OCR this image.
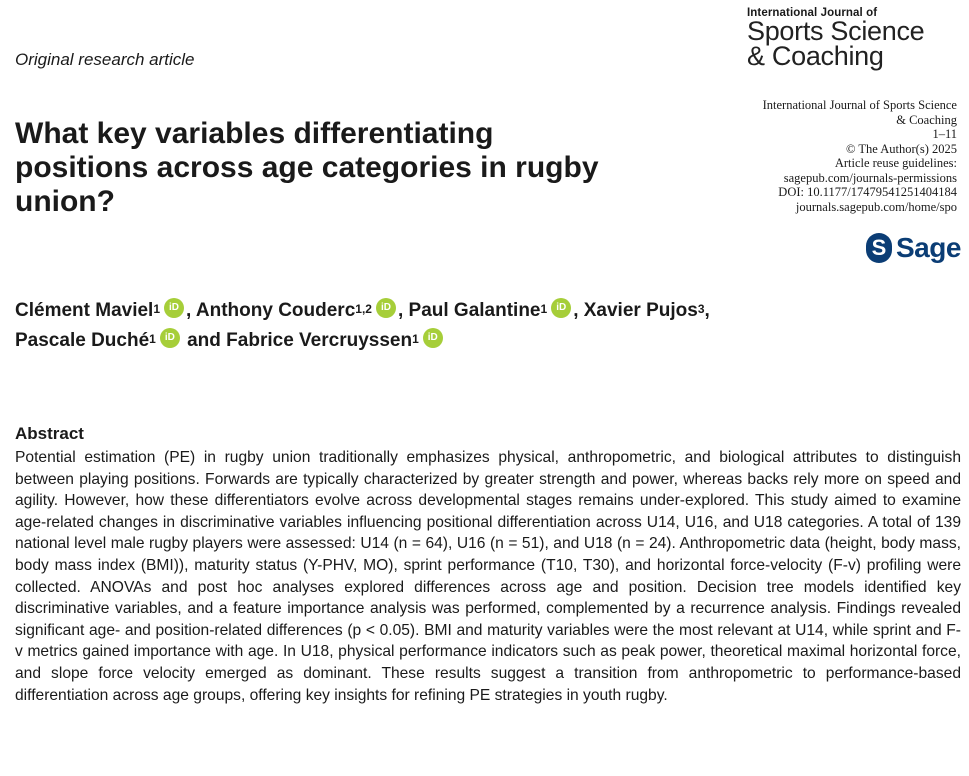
Original research article
International Journal of
Sports Science
& Coaching
What key variables differentiating positions across age categories in rugby union?
International Journal of Sports Science
& Coaching
1–11
© The Author(s) 2025
Article reuse guidelines:
sagepub.com/journals-permissions
DOI: 10.1177/17479541251404184
journals.sagepub.com/home/spo
S Sage
Clément Maviel$^1$ iD , Anthony Couderc$^{1,2}$ iD , Paul Galantine$^1$ iD , Xavier Pujos$^3$,
Pascale Duché$^1$ iD and Fabrice Vercruyssen$^1$ iD
Abstract

Potential estimation (PE) in rugby union traditionally emphasizes physical, anthropometric, and biological attributes to distinguish between playing positions. Forwards are typically characterized by greater strength and power, whereas backs rely more on speed and agility. However, how these differentiators evolve across developmental stages remains under-explored. This study aimed to examine age-related changes in discriminative variables influencing positional differentiation across U14, U16, and U18 categories. A total of 139 national level male rugby players were assessed: U14 (n = 64), U16 (n = 51), and U18 (n = 24). Anthropometric data (height, body mass, body mass index (BMI)), maturity status (Y-PHV, MO), sprint performance (T10, T30), and horizontal force-velocity (F-v) profiling were collected. ANOVAs and post hoc analyses explored differences across age and position. Decision tree models identified key discriminative variables, and a feature importance analysis was performed, complemented by a recurrence analysis. Findings revealed significant age- and position-related differences (p < 0.05). BMI and maturity variables were the most relevant at U14, while sprint and F-v metrics gained importance with age. In U18, physical performance indicators such as peak power, theoretical maximal horizontal force, and slope force velocity emerged as dominant. These results suggest a transition from anthropometric to performance-based differentiation across age groups, offering key insights for refining PE strategies in youth rugby.
